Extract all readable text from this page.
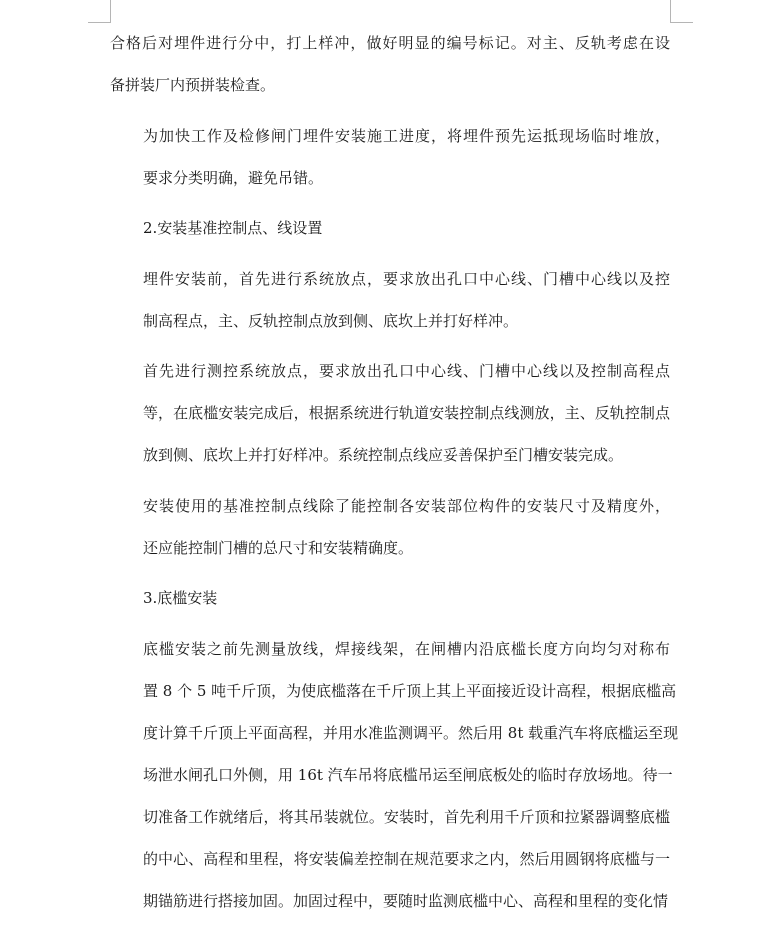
合格后对埋件进行分中，打上样冲，做好明显的编号标记。对主、反轨考虑在设
备拼装厂内预拼装检查。

为加快工作及检修闸门埋件安装施工进度，将埋件预先运抵现场临时堆放，
要求分类明确，避免吊错。

2.安装基准控制点、线设置

埋件安装前，首先进行系统放点，要求放出孔口中心线、门槽中心线以及控
制高程点，主、反轨控制点放到侧、底坎上并打好样冲。

首先进行测控系统放点，要求放出孔口中心线、门槽中心线以及控制高程点
等，在底槛安装完成后，根据系统进行轨道安装控制点线测放，主、反轨控制点
放到侧、底坎上并打好样冲。系统控制点线应妥善保护至门槽安装完成。

安装使用的基准控制点线除了能控制各安装部位构件的安装尺寸及精度外，
还应能控制门槽的总尺寸和安装精确度。

3.底槛安装

底槛安装之前先测量放线，焊接线架，在闸槽内沿底槛长度方向均匀对称布
置 8 个 5 吨千斤顶，为使底槛落在千斤顶上其上平面接近设计高程，根据底槛高
度计算千斤顶上平面高程，并用水准监测调平。然后用 8t 载重汽车将底槛运至现
场泄水闸孔口外侧，用 16t 汽车吊将底槛吊运至闸底板处的临时存放场地。待一
切准备工作就绪后，将其吊装就位。安装时，首先利用千斤顶和拉紧器调整底槛
的中心、高程和里程，将安装偏差控制在规范要求之内，然后用圆钢将底槛与一
期锚筋进行搭接加固。加固过程中，要随时监测底槛中心、高程和里程的变化情
